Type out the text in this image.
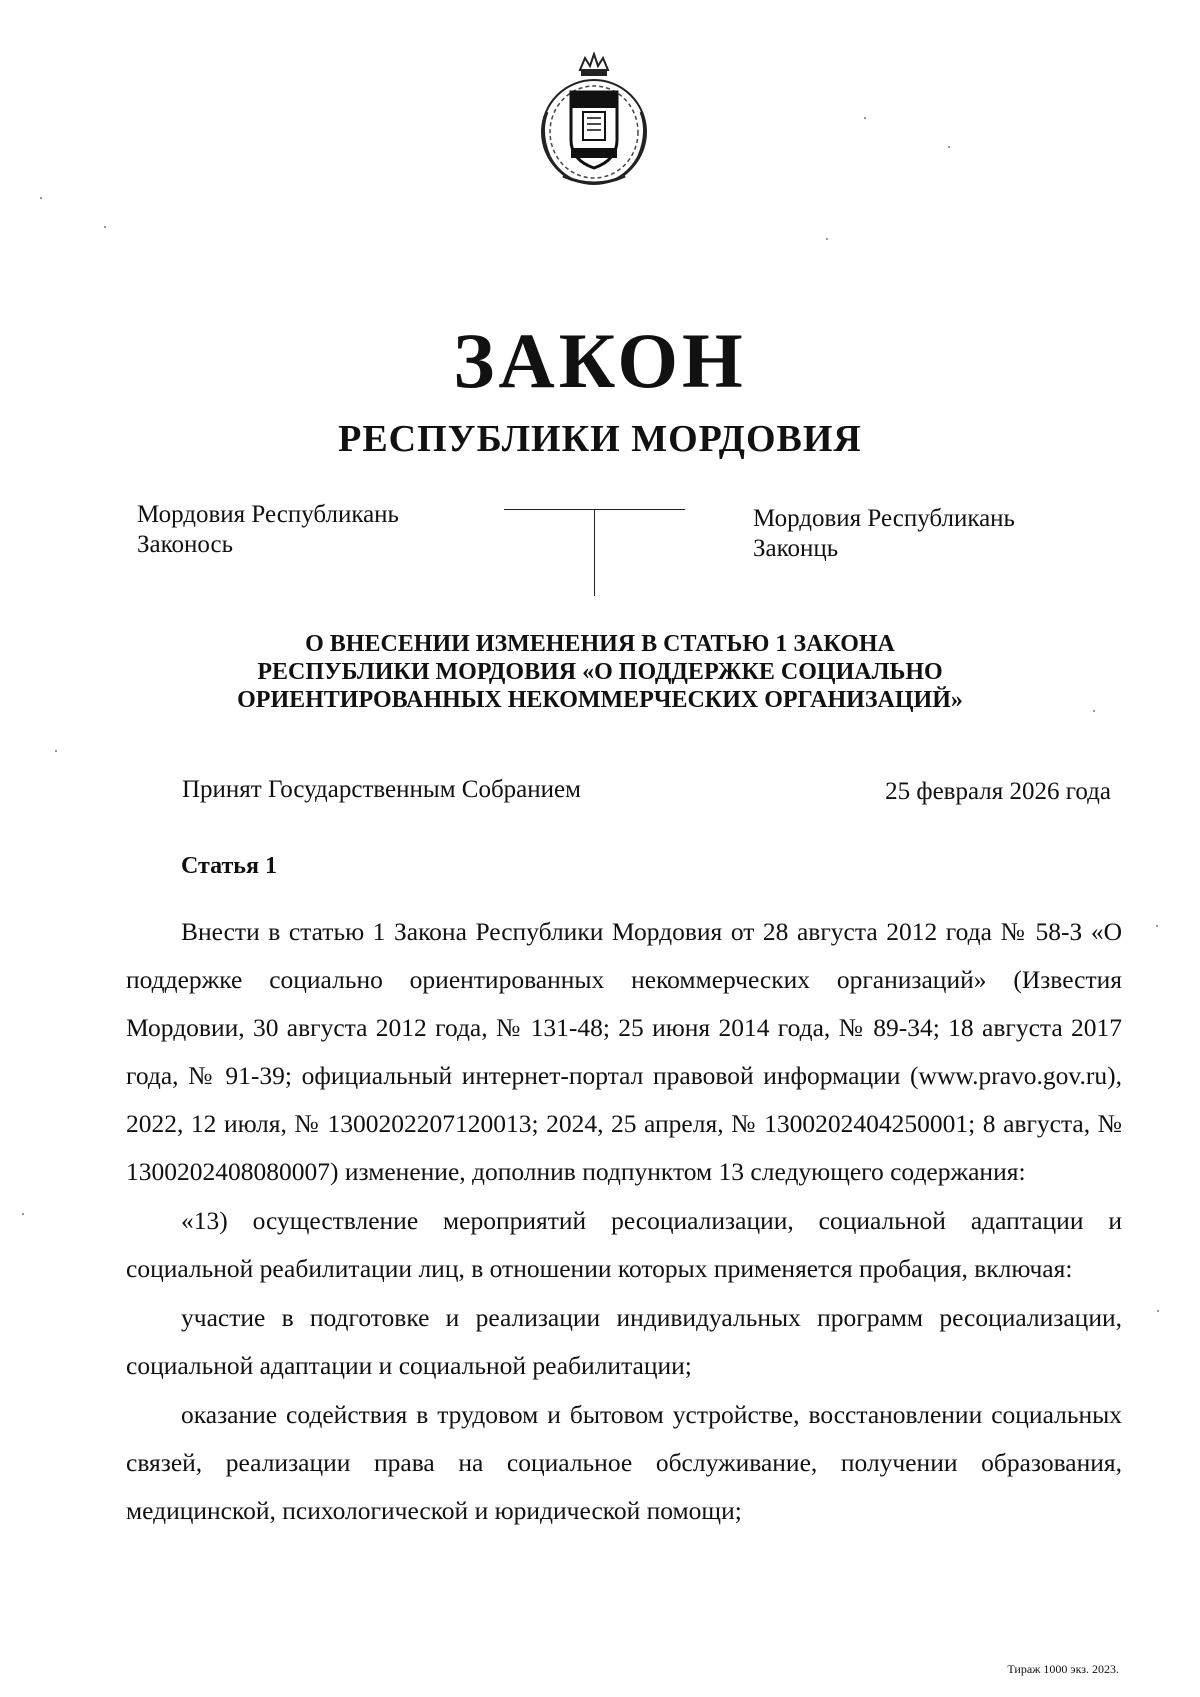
ЗАКОН
РЕСПУБЛИКИ МОРДОВИЯ
Мордовия Республикань
Законось
Мордовия Республикань
Законць
О ВНЕСЕНИИ ИЗМЕНЕНИЯ В СТАТЬЮ 1 ЗАКОНА
РЕСПУБЛИКИ МОРДОВИЯ «О ПОДДЕРЖКЕ СОЦИАЛЬНО
ОРИЕНТИРОВАННЫХ НЕКОММЕРЧЕСКИХ ОРГАНИЗАЦИЙ»
Принят Государственным Собранием	25 февраля 2026 года
Статья 1

Внести в статью 1 Закона Республики Мордовия от 28 августа 2012 года № 58-З «О поддержке социально ориентированных некоммерческих организаций» (Известия Мордовии, 30 августа 2012 года, № 131-48; 25 июня 2014 года, № 89-34; 18 августа 2017 года, № 91-39; официальный интернет-портал правовой информации (www.pravo.gov.ru), 2022, 12 июля, № 1300202207120013; 2024, 25 апреля, № 1300202404250001; 8 августа, № 1300202408080007) изменение, дополнив подпунктом 13 следующего содержания:

«13) осуществление мероприятий ресоциализации, социальной адаптации и социальной реабилитации лиц, в отношении которых применяется пробация, включая:

участие в подготовке и реализации индивидуальных программ ресоциализации, социальной адаптации и социальной реабилитации;

оказание содействия в трудовом и бытовом устройстве, восстановлении социальных связей, реализации права на социальное обслуживание, получении образования, медицинской, психологической и юридической помощи;

Тираж 1000 экз. 2023.
